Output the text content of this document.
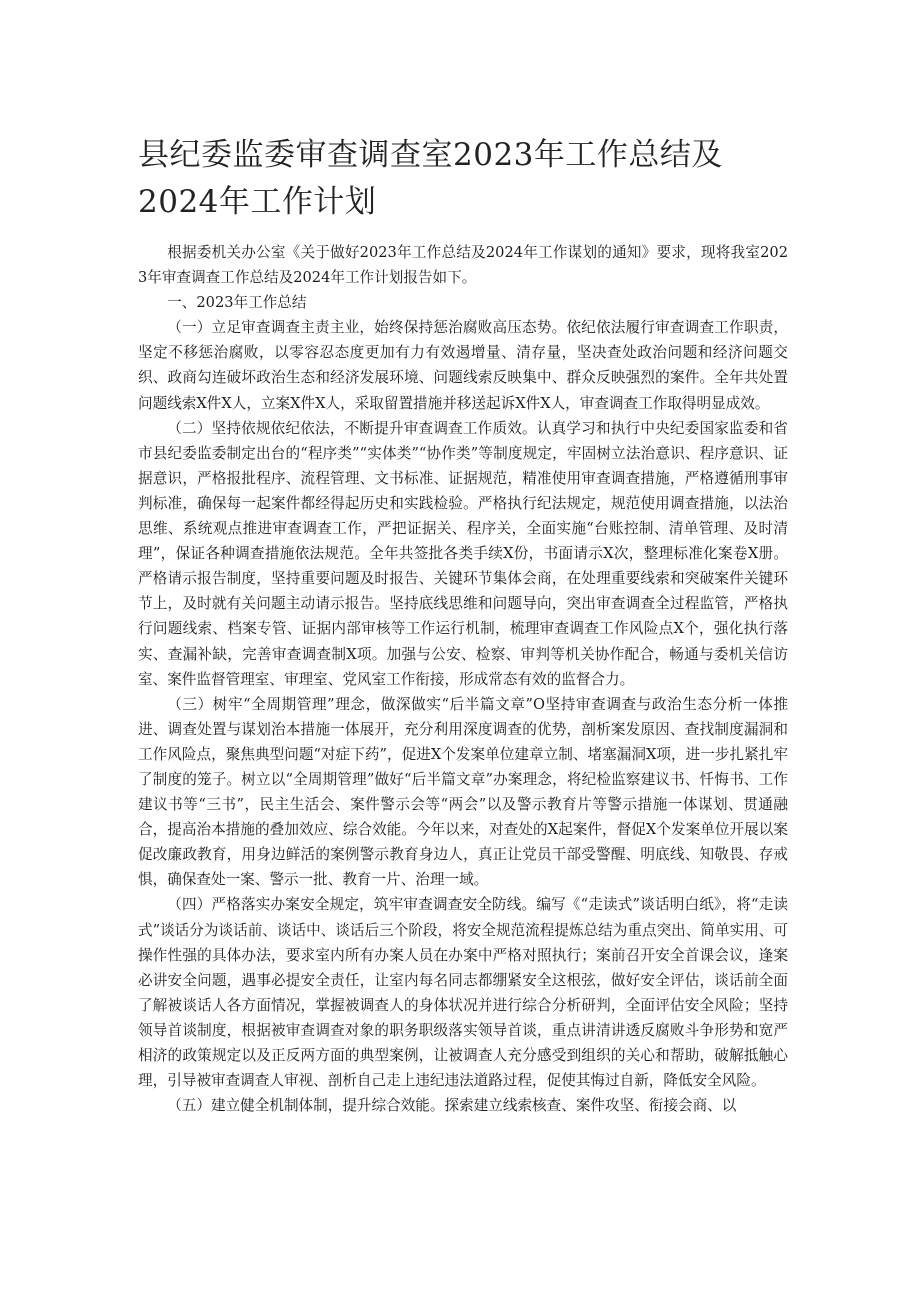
县纪委监委审查调查室2023年工作总结及2024年工作计划

根据委机关办公室《关于做好2023年工作总结及2024年工作谋划的通知》要求，现将我室2023年审查调查工作总结及2024年工作计划报告如下。

一、2023年工作总结

（一）立足审查调查主责主业，始终保持惩治腐败高压态势。依纪依法履行审查调查工作职责，坚定不移惩治腐败，以零容忍态度更加有力有效遏增量、清存量，坚决查处政治问题和经济问题交织、政商勾连破坏政治生态和经济发展环境、问题线索反映集中、群众反映强烈的案件。全年共处置问题线索X件X人，立案X件X人，采取留置措施并移送起诉X件X人，审查调查工作取得明显成效。

（二）坚持依规依纪依法，不断提升审查调查工作质效。认真学习和执行中央纪委国家监委和省市县纪委监委制定出台的“程序类”“实体类”“协作类”等制度规定，牢固树立法治意识、程序意识、证据意识，严格报批程序、流程管理、文书标准、证据规范，精准使用审查调查措施，严格遵循刑事审判标准，确保每一起案件都经得起历史和实践检验。严格执行纪法规定，规范使用调查措施，以法治思维、系统观点推进审查调查工作，严把证据关、程序关，全面实施“台账控制、清单管理、及时清理”，保证各种调查措施依法规范。全年共签批各类手续X份，书面请示X次，整理标准化案卷X册。严格请示报告制度，坚持重要问题及时报告、关键环节集体会商，在处理重要线索和突破案件关键环节上，及时就有关问题主动请示报告。坚持底线思维和问题导向，突出审查调查全过程监管，严格执行问题线索、档案专管、证据内部审核等工作运行机制，梳理审查调查工作风险点X个，强化执行落实、查漏补缺，完善审查调查制X项。加强与公安、检察、审判等机关协作配合，畅通与委机关信访室、案件监督管理室、审理室、党风室工作衔接，形成常态有效的监督合力。

（三）树牢“全周期管理”理念，做深做实“后半篇文章”O坚持审查调查与政治生态分析一体推进、调查处置与谋划治本措施一体展开，充分利用深度调查的优势，剖析案发原因、查找制度漏洞和工作风险点，聚焦典型问题“对症下药”，促进X个发案单位建章立制、堵塞漏洞X项，进一步扎紧扎牢了制度的笼子。树立以“全周期管理”做好“后半篇文章”办案理念，将纪检监察建议书、忏悔书、工作建议书等“三书”，民主生活会、案件警示会等“两会”以及警示教育片等警示措施一体谋划、贯通融合，提高治本措施的叠加效应、综合效能。今年以来，对查处的X起案件，督促X个发案单位开展以案促改廉政教育，用身边鲜活的案例警示教育身边人，真正让党员干部受警醒、明底线、知敬畏、存戒惧，确保查处一案、警示一批、教育一片、治理一域。

（四）严格落实办案安全规定，筑牢审查调查安全防线。编写《“走读式”谈话明白纸》，将“走读式”谈话分为谈话前、谈话中、谈话后三个阶段，将安全规范流程提炼总结为重点突出、简单实用、可操作性强的具体办法，要求室内所有办案人员在办案中严格对照执行；案前召开安全首课会议，逢案必讲安全问题，遇事必提安全责任，让室内每名同志都绷紧安全这根弦，做好安全评估，谈话前全面了解被谈话人各方面情况，掌握被调查人的身体状况并进行综合分析研判，全面评估安全风险；坚持领导首谈制度，根据被审查调查对象的职务职级落实领导首谈，重点讲清讲透反腐败斗争形势和宽严相济的政策规定以及正反两方面的典型案例，让被调查人充分感受到组织的关心和帮助，破解抵触心理，引导被审查调查人审视、剖析自己走上违纪违法道路过程，促使其悔过自新，降低安全风险。

（五）建立健全机制体制，提升综合效能。探索建立线索核查、案件攻坚、衔接会商、以
